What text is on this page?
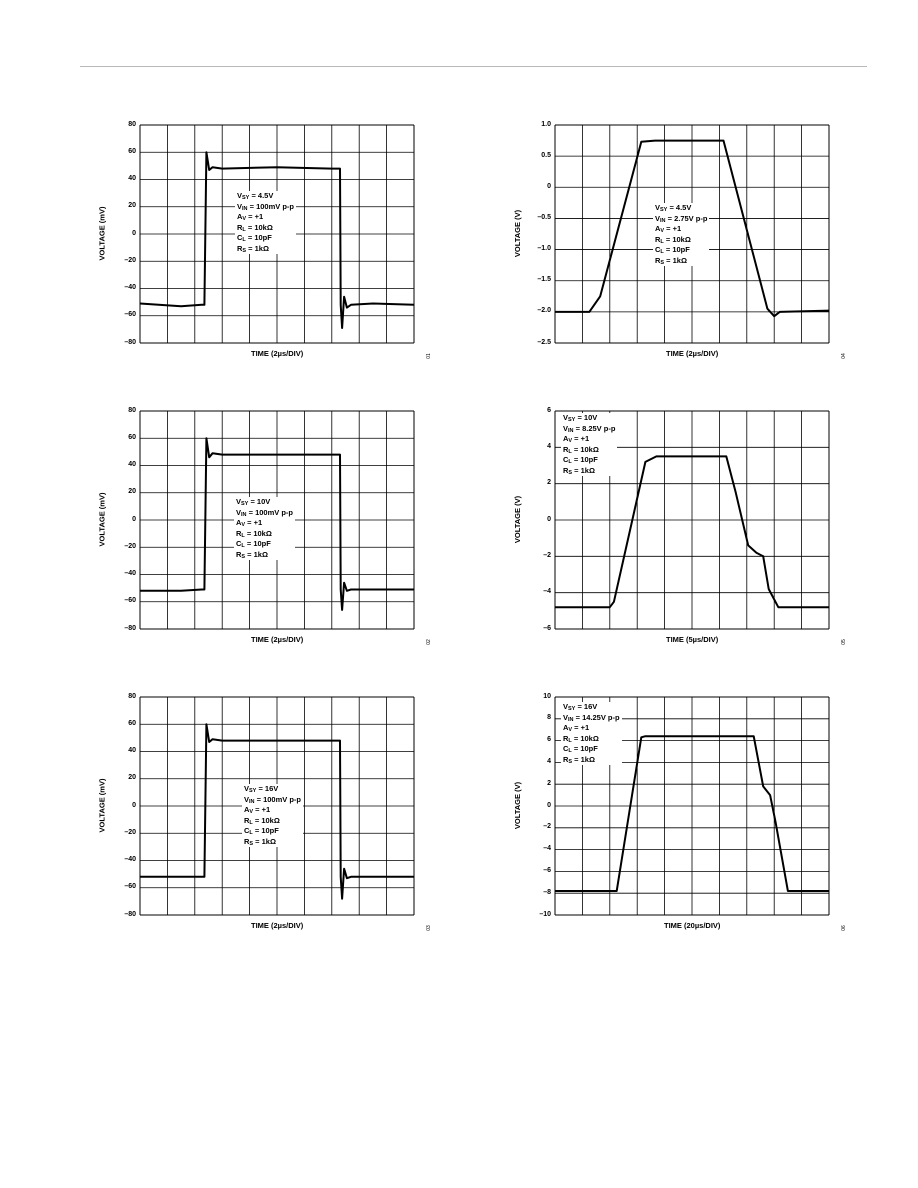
80
60
40
20
0
–20
–40
–60
–80
VOLTAGE (mV)
TIME (2µs/DIV)	01
$V_{SY} = 4.5V$
$V_{IN} = 100mV$ p-p
$A_V = +1$
$R_L = 10k\Omega$
$C_L = 10pF$
$R_S = 1k\Omega$
1.0
0.5
0
–0.5
–1.0
–1.5
–2.0
–2.5
VOLTAGE (V)
TIME (2µs/DIV)	04
$V_{SY} = 4.5V$
$V_{IN} = 2.75V$ p-p
$A_V = +1$
$R_L = 10k\Omega$
$C_L = 10pF$
$R_S = 1k\Omega$
80
60
40
20
0
–20
–40
–60
–80
VOLTAGE (mV)
TIME (2µs/DIV)	02
$V_{SY} = 10V$
$V_{IN} = 100mV$ p-p
$A_V = +1$
$R_L = 10k\Omega$
$C_L = 10pF$
$R_S = 1k\Omega$
6
4
2
0
–2
–4
–6
VOLTAGE (V)
TIME (5µs/DIV)	05
$V_{SY} = 10V$
$V_{IN} = 8.25V$ p-p
$A_V = +1$
$R_L = 10k\Omega$
$C_L = 10pF$
$R_S = 1k\Omega$
80
60
40
20
0
–20
–40
–60
–80
VOLTAGE (mV)
TIME (2µs/DIV)	03
$V_{SY} = 16V$
$V_{IN} = 100mV$ p-p
$A_V = +1$
$R_L = 10k\Omega$
$C_L = 10pF$
$R_S = 1k\Omega$
10
8
6
4
2
0
–2
–4
–6
–8
–10
VOLTAGE (V)
TIME (20µs/DIV)	06
$V_{SY} = 16V$
$V_{IN} = 14.25V$ p-p
$A_V = +1$
$R_L = 10k\Omega$
$C_L = 10pF$
$R_S = 1k\Omega$
